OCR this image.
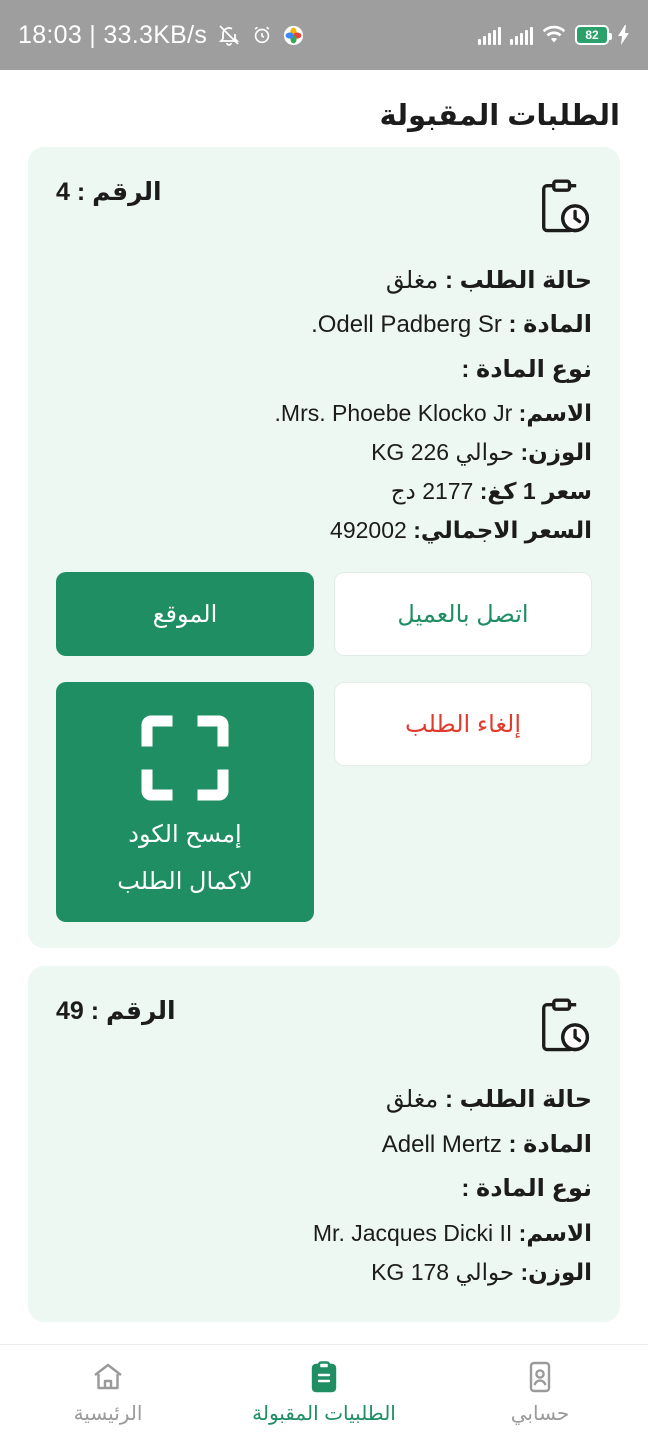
18:03 | 33.3KB/s	82
الطلبات المقبولة
الرقم : 4
حالة الطلب : مغلق
المادة : Odell Padberg Sr.
نوع المادة :
الاسم: Mrs. Phoebe Klocko Jr.
الوزن: حوالي 226 KG
سعر 1 كغ: 2177 دج
السعر الاجمالي: 492002
الموقع
إمسح الكود
لاكمال الطلب
اتصل بالعميل
إلغاء الطلب
الرقم : 49
حالة الطلب : مغلق
المادة : Adell Mertz
نوع المادة :
الاسم: Mr. Jacques Dicki II
الوزن: حوالي 178 KG
الرئيسية	الطلبيات المقبولة	حسابي
